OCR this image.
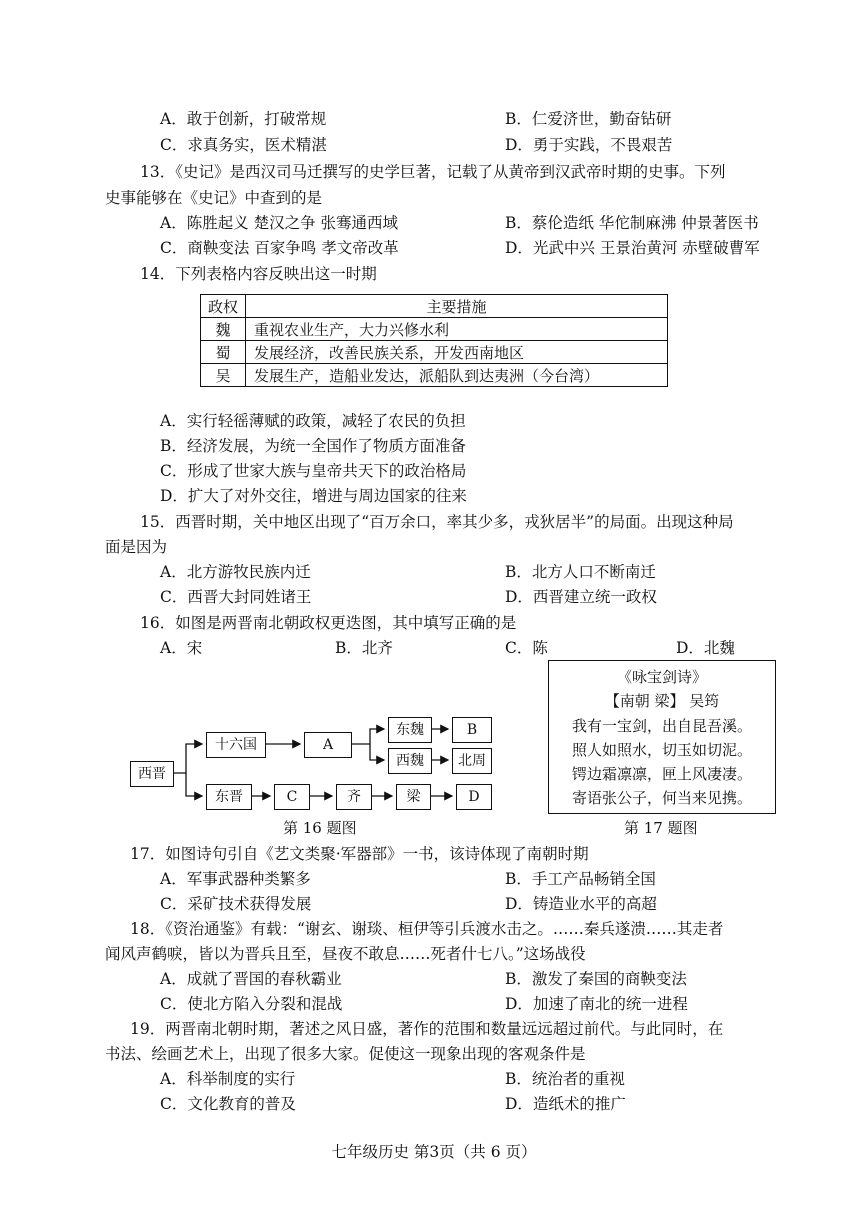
A．敢于创新，打破常规	B．仁爱济世，勤奋钻研
C．求真务实，医术精湛	D．勇于实践，不畏艰苦
13．《史记》是西汉司马迁撰写的史学巨著，记载了从黄帝到汉武帝时期的史事。下列
史事能够在《史记》中查到的是
A．陈胜起义 楚汉之争 张骞通西域	B．蔡伦造纸 华佗制麻沸 仲景著医书
C．商鞅变法 百家争鸣 孝文帝改革	D．光武中兴 王景治黄河 赤壁破曹军
14．下列表格内容反映出这一时期
政权	主要措施
魏	重视农业生产，大力兴修水利
蜀	发展经济，改善民族关系，开发西南地区
吴	发展生产，造船业发达，派船队到达夷洲（今台湾）
A．实行轻徭薄赋的政策，减轻了农民的负担
B．经济发展，为统一全国作了物质方面准备
C．形成了世家大族与皇帝共天下的政治格局
D．扩大了对外交往，增进与周边国家的往来
15．西晋时期，关中地区出现了“百万余口，率其少多，戎狄居半”的局面。出现这种局
面是因为
A．北方游牧民族内迁	B．北方人口不断南迁
C．西晋大封同姓诸王	D．西晋建立统一政权
16．如图是两晋南北朝政权更迭图，其中填写正确的是
A．宋	B．北齐	C．陈	D．北魏
西晋
十六国	A
东魏	B
西魏	北周
东晋	C	齐	梁	D
第 16 题图
《咏宝剑诗》
【南朝 梁】 吴筠
我有一宝剑，出自昆吾溪。
照人如照水，切玉如切泥。
锷边霜凛凛，匣上风凄凄。
寄语张公子，何当来见携。
第 17 题图
17．如图诗句引自《艺文类聚·军器部》一书，该诗体现了南朝时期
A．军事武器种类繁多	B．手工产品畅销全国
C．采矿技术获得发展	D．铸造业水平的高超
18．《资治通鉴》有载：“谢玄、谢琰、桓伊等引兵渡水击之。……秦兵遂溃……其走者
闻风声鹤唳，皆以为晋兵且至，昼夜不敢息……死者什七八。”这场战役
A．成就了晋国的春秋霸业	B．激发了秦国的商鞅变法
C．使北方陷入分裂和混战	D．加速了南北的统一进程
19．两晋南北朝时期，著述之风日盛，著作的范围和数量远远超过前代。与此同时，在
书法、绘画艺术上，出现了很多大家。促使这一现象出现的客观条件是
A．科举制度的实行	B．统治者的重视
C．文化教育的普及	D．造纸术的推广
七年级历史 第3页（共 6 页）
